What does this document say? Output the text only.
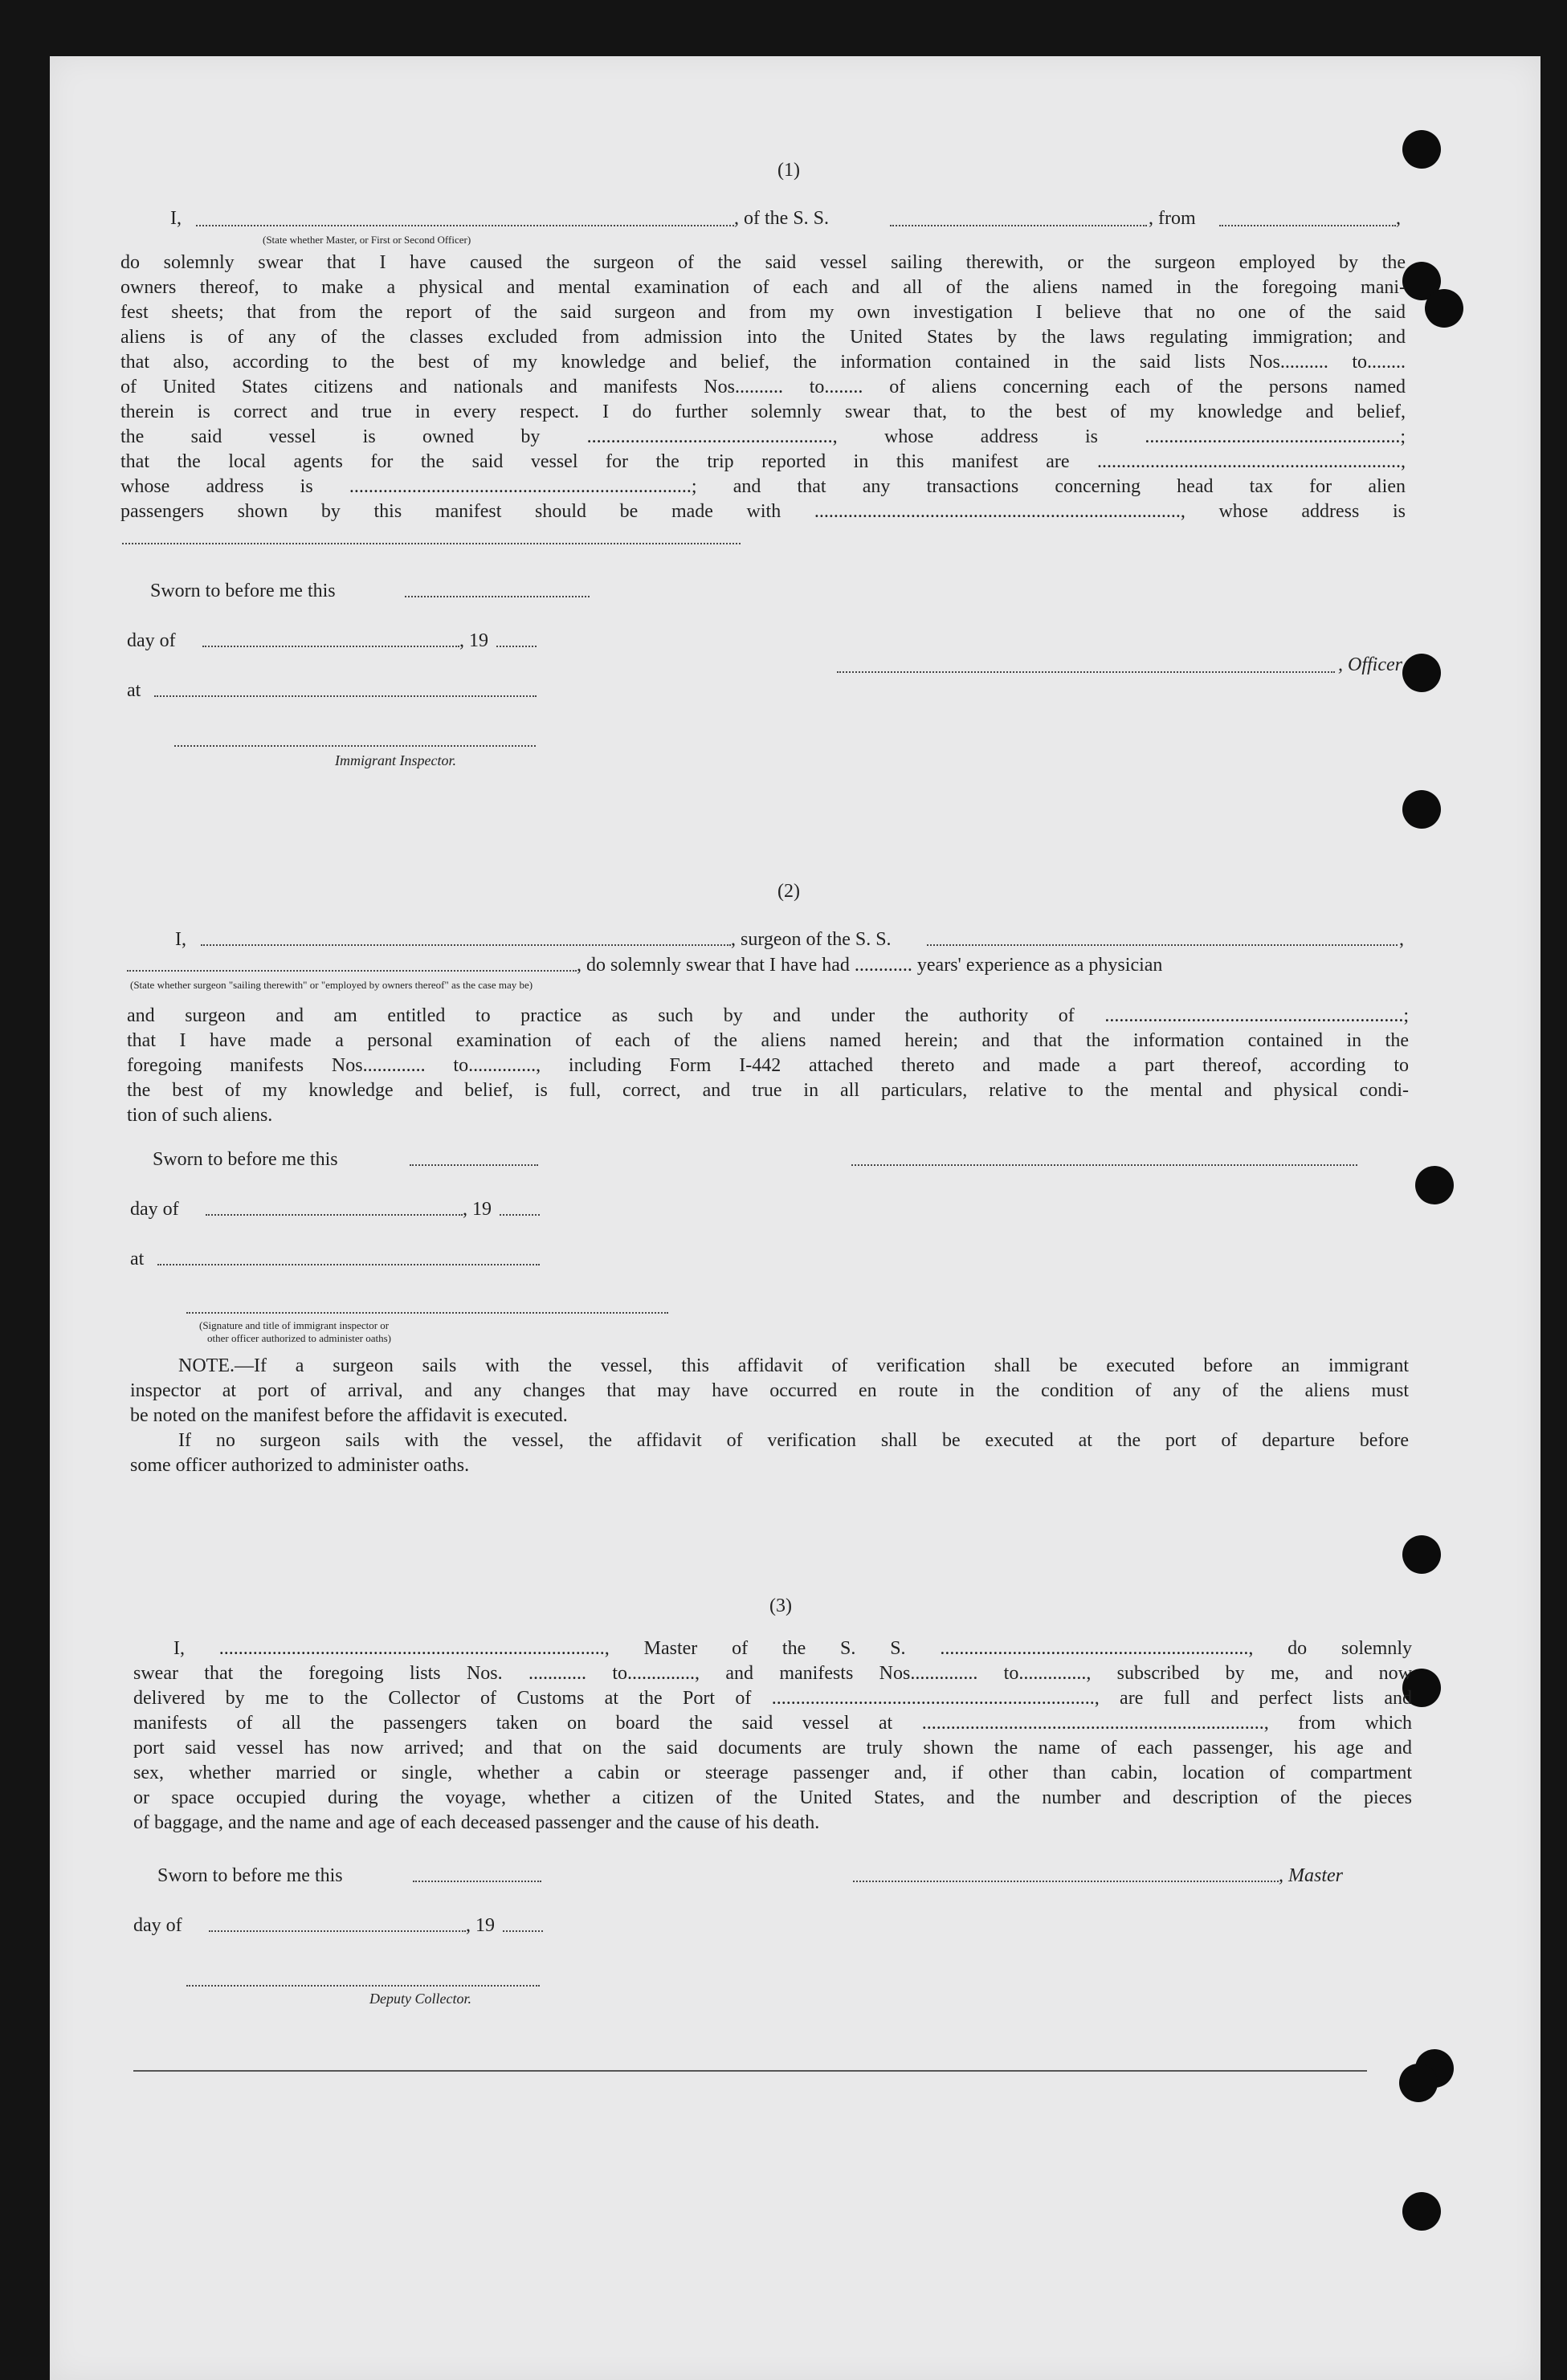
(1)
I,	, of the S. S.	, from	,
(State whether Master, or First or Second Officer)
do solemnly swear that I have caused the surgeon of the said vessel sailing therewith, or the surgeon employed by the
owners thereof, to make a physical and mental examination of each and all of the aliens named in the foregoing mani-
fest sheets; that from the report of the said surgeon and from my own investigation I believe that no one of the said
aliens is of any of the classes excluded from admission into the United States by the laws regulating immigration; and
that also, according to the best of my knowledge and belief, the information contained in the said lists Nos.......... to........
of United States citizens and nationals and manifests Nos.......... to........ of aliens concerning each of the persons named
therein is correct and true in every respect. I do further solemnly swear that, to the best of my knowledge and belief,
the said vessel is owned by ..................................................., whose address is .....................................................;
that the local agents for the said vessel for the trip reported in this manifest are ...............................................................,
whose address is .......................................................................; and that any transactions concerning head tax for alien
passengers shown by this manifest should be made with ............................................................................, whose address is
Sworn to before me this
day of	, 19
, Officer
at
Immigrant Inspector.
(2)
I,	, surgeon of the S. S.	,
, do solemnly swear that I have had ............ years' experience as a physician
(State whether surgeon "sailing therewith" or "employed by owners thereof" as the case may be)
and surgeon and am entitled to practice as such by and under the authority of ..............................................................;
that I have made a personal examination of each of the aliens named herein; and that the information contained in the
foregoing manifests Nos............. to.............., including Form I-442 attached thereto and made a part thereof, according to
the best of my knowledge and belief, is full, correct, and true in all particulars, relative to the mental and physical condi-
tion of such aliens.
Sworn to before me this
day of	, 19
at
(Signature and title of immigrant inspector or
other officer authorized to administer oaths)
NOTE.—If a surgeon sails with the vessel, this affidavit of verification shall be executed before an immigrant
inspector at port of arrival, and any changes that may have occurred en route in the condition of any of the aliens must
be noted on the manifest before the affidavit is executed.
If no surgeon sails with the vessel, the affidavit of verification shall be executed at the port of departure before
some officer authorized to administer oaths.
(3)
I, ................................................................................, Master of the S. S. ................................................................, do solemnly
swear that the foregoing lists Nos. ............ to.............., and manifests Nos.............. to.............., subscribed by me, and now
delivered by me to the Collector of Customs at the Port of ..................................................................., are full and perfect lists and
manifests of all the passengers taken on board the said vessel at ......................................................................., from which
port said vessel has now arrived; and that on the said documents are truly shown the name of each passenger, his age and
sex, whether married or single, whether a cabin or steerage passenger and, if other than cabin, location of compartment
or space occupied during the voyage, whether a citizen of the United States, and the number and description of the pieces
of baggage, and the name and age of each deceased passenger and the cause of his death.
Sworn to before me this	, Master
day of	, 19
Deputy Collector.
